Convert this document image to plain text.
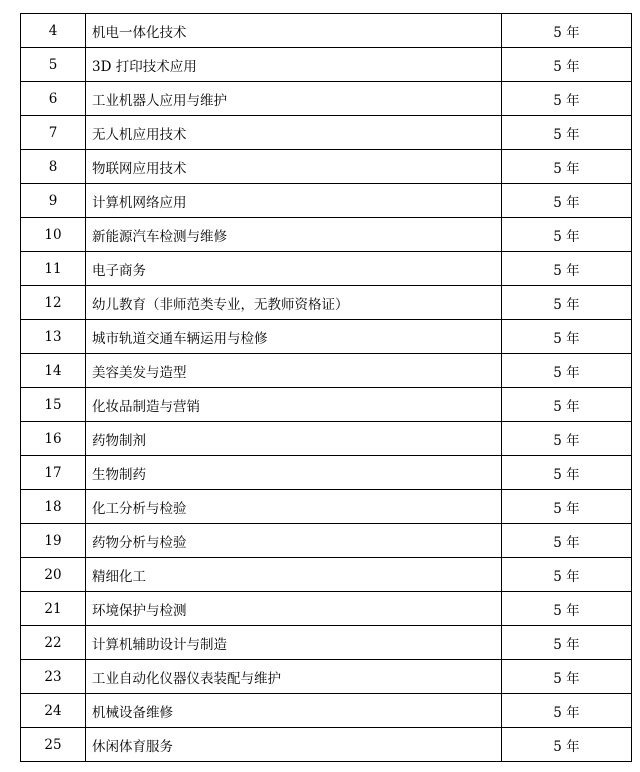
4	机电一体化技术	5 年
5	3D 打印技术应用	5 年
6	工业机器人应用与维护	5 年
7	无人机应用技术	5 年
8	物联网应用技术	5 年
9	计算机网络应用	5 年
10	新能源汽车检测与维修	5 年
11	电子商务	5 年
12	幼儿教育（非师范类专业，无教师资格证）	5 年
13	城市轨道交通车辆运用与检修	5 年
14	美容美发与造型	5 年
15	化妆品制造与营销	5 年
16	药物制剂	5 年
17	生物制药	5 年
18	化工分析与检验	5 年
19	药物分析与检验	5 年
20	精细化工	5 年
21	环境保护与检测	5 年
22	计算机辅助设计与制造	5 年
23	工业自动化仪器仪表装配与维护	5 年
24	机械设备维修	5 年
25	休闲体育服务	5 年
